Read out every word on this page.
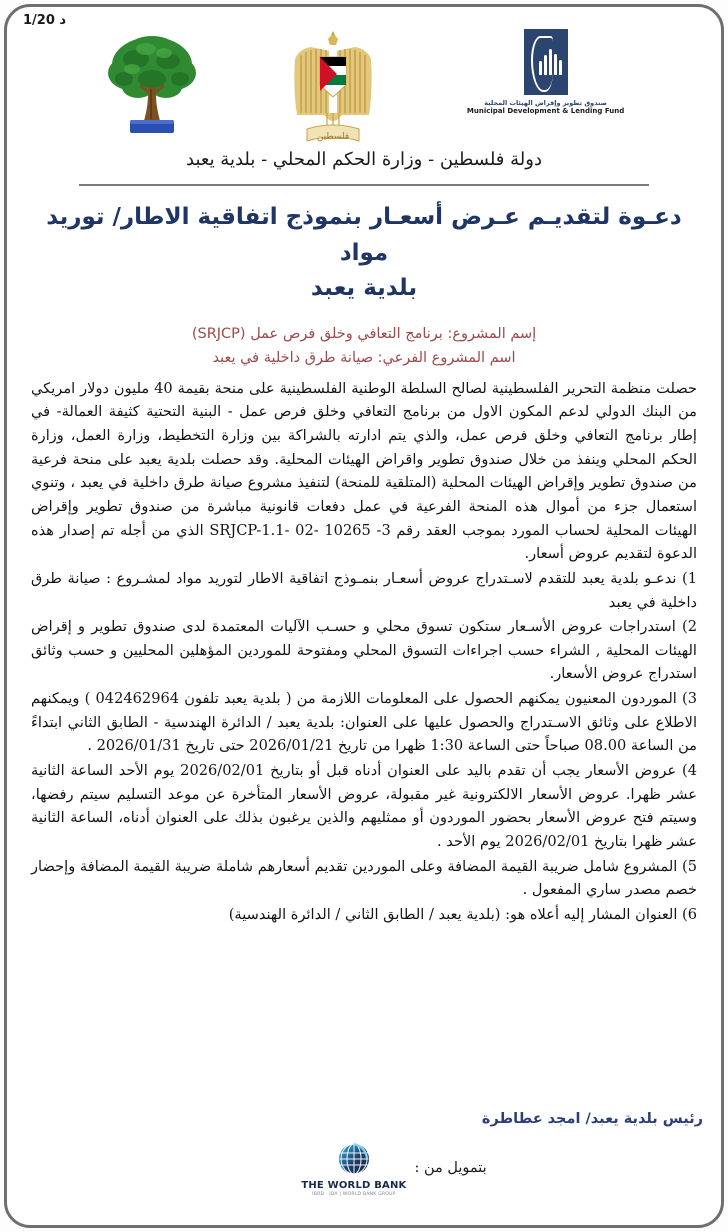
د 1/20
صندوق تطوير وإقراض الهيئات المحلية
Municipal Development & Lending Fund
فلسطين
دولة فلسطين - وزارة الحكم المحلي - بلدية يعبد
دعـوة لتقديـم عـرض أسعـار بنموذج اتفاقية الاطار/ توريد مواد
بلدية يعبد
إسم المشروع: برنامج التعافي وخلق فرص عمل (SRJCP)
اسم المشروع الفرعي: صيانة طرق داخلية في يعبد

حصلت منظمة التحرير الفلسطينية لصالح السلطة الوطنية الفلسطينية على منحة بقيمة 40 مليون دولار امريكي من البنك الدولي لدعم المكون الاول من برنامج التعافي وخلق فرص عمل - البنية التحتية كثيفة العمالة- في إطار برنامج التعافي وخلق فرص عمل، والذي يتم ادارته بالشراكة بين وزارة التخطيط، وزارة العمل، وزارة الحكم المحلي وينفذ من خلال صندوق تطوير واقراض الهيئات المحلية. وقد حصلت بلدية يعبد على منحة فرعية من صندوق تطوير وإقراض الهيئات المحلية (المتلقية للمنحة) لتنفيذ مشروع صيانة طرق داخلية في يعبد ، وتنوي استعمال جزء من أموال هذه المنحة الفرعية في عمل دفعات قانونية مباشرة من صندوق تطوير وإقراض الهيئات المحلية لحساب المورد بموجب العقد رقم 3- 10265 -02 -SRJCP-1.1 الذي من أجله تم إصدار هذه الدعوة لتقديم عروض أسعار.

1) ندعـو بلدية يعبد للتقدم لاسـتدراج عروض أسعـار بنمـوذج اتفاقية الاطار لتوريد مواد لمشـروع : صيانة طرق داخلية في يعبد

2) استدراجات عروض الأسـعار ستكون تسوق محلي و حسـب الآليات المعتمدة لدى صندوق تطوير و إقراض الهيئات المحلية , الشراء حسب اجراءات التسوق المحلي ومفتوحة للموردين المؤهلين المحليين و حسب وثائق استدراج عروض الأسعار.

3) الموردون المعنيون يمكنهم الحصول على المعلومات اللازمة من ( بلدية يعبد تلفون 042462964 ) ويمكنهم الاطلاع على وثائق الاسـتدراج والحصول عليها على العنوان: بلدية يعبد / الدائرة الهندسية - الطابق الثاني ابتداءً من الساعة 08.00 صباحاً حتى الساعة 1:30 ظهرا من تاريخ 2026/01/21 حتى تاريخ 2026/01/31 .

4) عروض الأسعار يجب أن تقدم باليد على العنوان أدناه قبل أو بتاريخ 2026/02/01 يوم الأحد الساعة الثانية عشر ظهرا. عروض الأسعار الالكترونية غير مقبولة، عروض الأسعار المتأخرة عن موعد التسليم سيتم رفضها، وسيتم فتح عروض الأسعار بحضور الموردون أو ممثليهم والذين يرغبون بذلك على العنوان أدناه، الساعة الثانية عشر ظهرا بتاريخ 2026/02/01 يوم الأحد .

5) المشروع شامل ضريبة القيمة المضافة وعلى الموردين تقديم أسعارهم شاملة ضريبة القيمة المضافة وإحضار خصم مصدر ساري المفعول .

6) العنوان المشار إليه أعلاه هو: (بلدية يعبد / الطابق الثاني / الدائرة الهندسية)

رئيس بلدية يعبد/ امجد عطاطرة
بتمويل من :
THE WORLD BANK
IBRD · IDA | WORLD BANK GROUP
